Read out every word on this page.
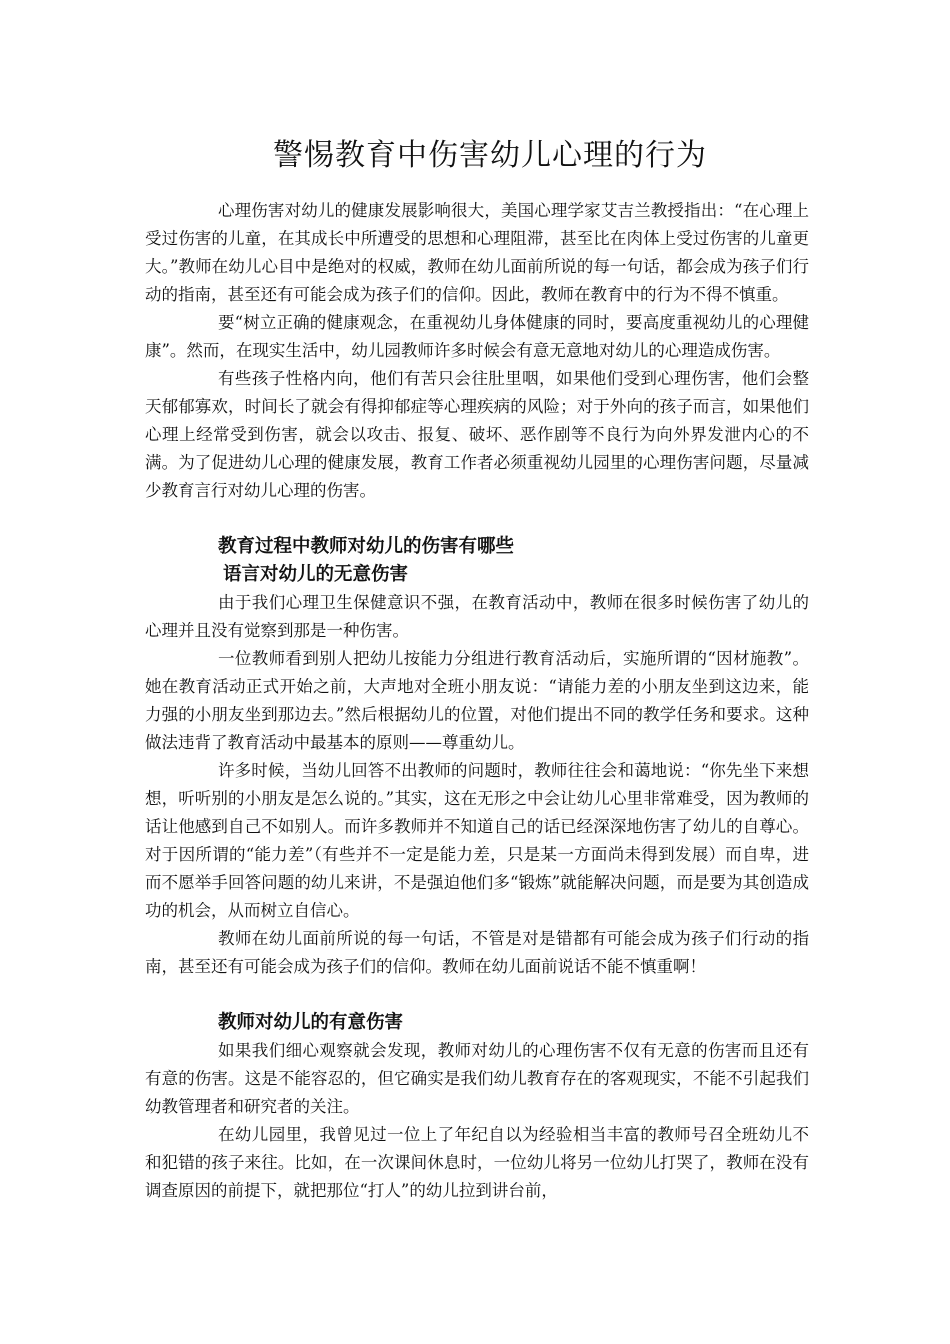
警惕教育中伤害幼儿心理的行为

心理伤害对幼儿的健康发展影响很大，美国心理学家艾吉兰教授指出：“在心理上受过伤害的儿童，在其成长中所遭受的思想和心理阻滞，甚至比在肉体上受过伤害的儿童更大。”教师在幼儿心目中是绝对的权威，教师在幼儿面前所说的每一句话，都会成为孩子们行动的指南，甚至还有可能会成为孩子们的信仰。因此，教师在教育中的行为不得不慎重。

要“树立正确的健康观念，在重视幼儿身体健康的同时，要高度重视幼儿的心理健康”。然而，在现实生活中，幼儿园教师许多时候会有意无意地对幼儿的心理造成伤害。

有些孩子性格内向，他们有苦只会往肚里咽，如果他们受到心理伤害，他们会整天郁郁寡欢，时间长了就会有得抑郁症等心理疾病的风险；对于外向的孩子而言，如果他们心理上经常受到伤害，就会以攻击、报复、破坏、恶作剧等不良行为向外界发泄内心的不满。为了促进幼儿心理的健康发展，教育工作者必须重视幼儿园里的心理伤害问题，尽量减少教育言行对幼儿心理的伤害。

教育过程中教师对幼儿的伤害有哪些
语言对幼儿的无意伤害

由于我们心理卫生保健意识不强，在教育活动中，教师在很多时候伤害了幼儿的心理并且没有觉察到那是一种伤害。

一位教师看到别人把幼儿按能力分组进行教育活动后，实施所谓的“因材施教”。她在教育活动正式开始之前，大声地对全班小朋友说：“请能力差的小朋友坐到这边来，能力强的小朋友坐到那边去。”然后根据幼儿的位置，对他们提出不同的教学任务和要求。这种做法违背了教育活动中最基本的原则——尊重幼儿。

许多时候，当幼儿回答不出教师的问题时，教师往往会和蔼地说：“你先坐下来想想，听听别的小朋友是怎么说的。”其实，这在无形之中会让幼儿心里非常难受，因为教师的话让他感到自己不如别人。而许多教师并不知道自己的话已经深深地伤害了幼儿的自尊心。对于因所谓的“能力差”（有些并不一定是能力差，只是某一方面尚未得到发展）而自卑，进而不愿举手回答问题的幼儿来讲，不是强迫他们多“锻炼”就能解决问题，而是要为其创造成功的机会，从而树立自信心。

教师在幼儿面前所说的每一句话，不管是对是错都有可能会成为孩子们行动的指南，甚至还有可能会成为孩子们的信仰。教师在幼儿面前说话不能不慎重啊！

教师对幼儿的有意伤害

如果我们细心观察就会发现，教师对幼儿的心理伤害不仅有无意的伤害而且还有有意的伤害。这是不能容忍的，但它确实是我们幼儿教育存在的客观现实，不能不引起我们幼教管理者和研究者的关注。

在幼儿园里，我曾见过一位上了年纪自以为经验相当丰富的教师号召全班幼儿不和犯错的孩子来往。比如，在一次课间休息时，一位幼儿将另一位幼儿打哭了，教师在没有调查原因的前提下，就把那位“打人”的幼儿拉到讲台前，
